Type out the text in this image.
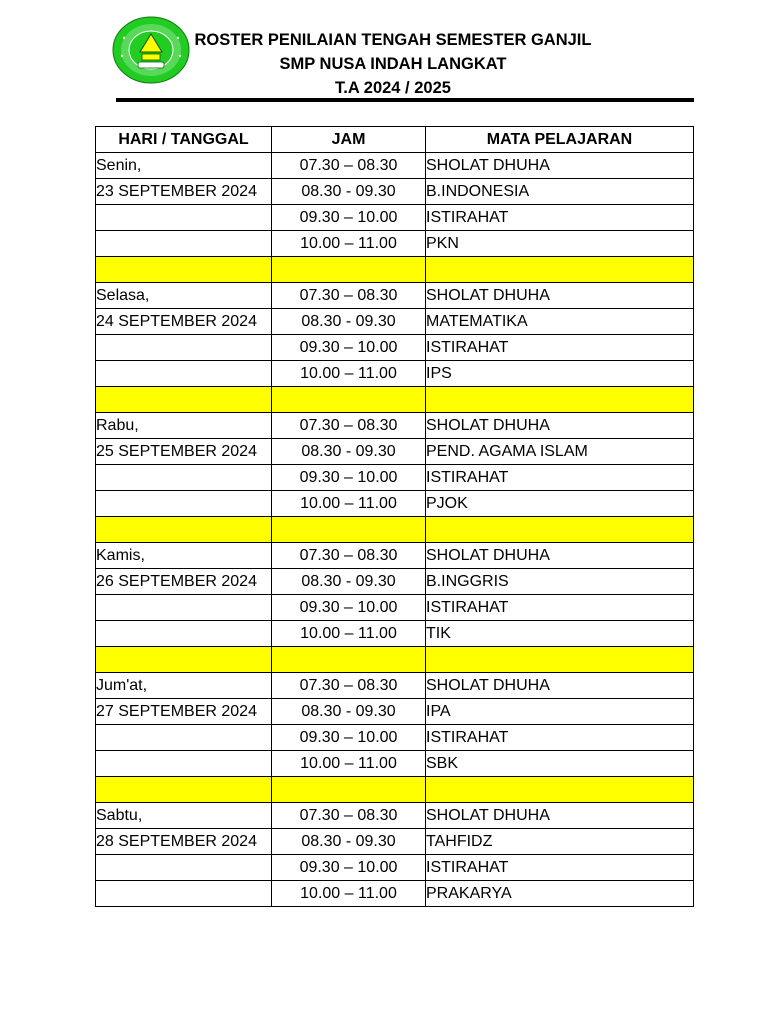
ROSTER PENILAIAN TENGAH SEMESTER GANJIL
SMP NUSA INDAH LANGKAT
T.A 2024 / 2025
HARI / TANGGAL	JAM	MATA PELAJARAN
Senin,	07.30 – 08.30	SHOLAT DHUHA
23 SEPTEMBER 2024	08.30 - 09.30	B.INDONESIA
	09.30 – 10.00	ISTIRAHAT
	10.00 – 11.00	PKN

Selasa,	07.30 – 08.30	SHOLAT DHUHA
24 SEPTEMBER 2024	08.30 - 09.30	MATEMATIKA
	09.30 – 10.00	ISTIRAHAT
	10.00 – 11.00	IPS

Rabu,	07.30 – 08.30	SHOLAT DHUHA
25 SEPTEMBER 2024	08.30 - 09.30	PEND. AGAMA ISLAM
	09.30 – 10.00	ISTIRAHAT
	10.00 – 11.00	PJOK

Kamis,	07.30 – 08.30	SHOLAT DHUHA
26 SEPTEMBER 2024	08.30 - 09.30	B.INGGRIS
	09.30 – 10.00	ISTIRAHAT
	10.00 – 11.00	TIK

Jum'at,	07.30 – 08.30	SHOLAT DHUHA
27 SEPTEMBER 2024	08.30 - 09.30	IPA
	09.30 – 10.00	ISTIRAHAT
	10.00 – 11.00	SBK

Sabtu,	07.30 – 08.30	SHOLAT DHUHA
28 SEPTEMBER 2024	08.30 - 09.30	TAHFIDZ
	09.30 – 10.00	ISTIRAHAT
	10.00 – 11.00	PRAKARYA
